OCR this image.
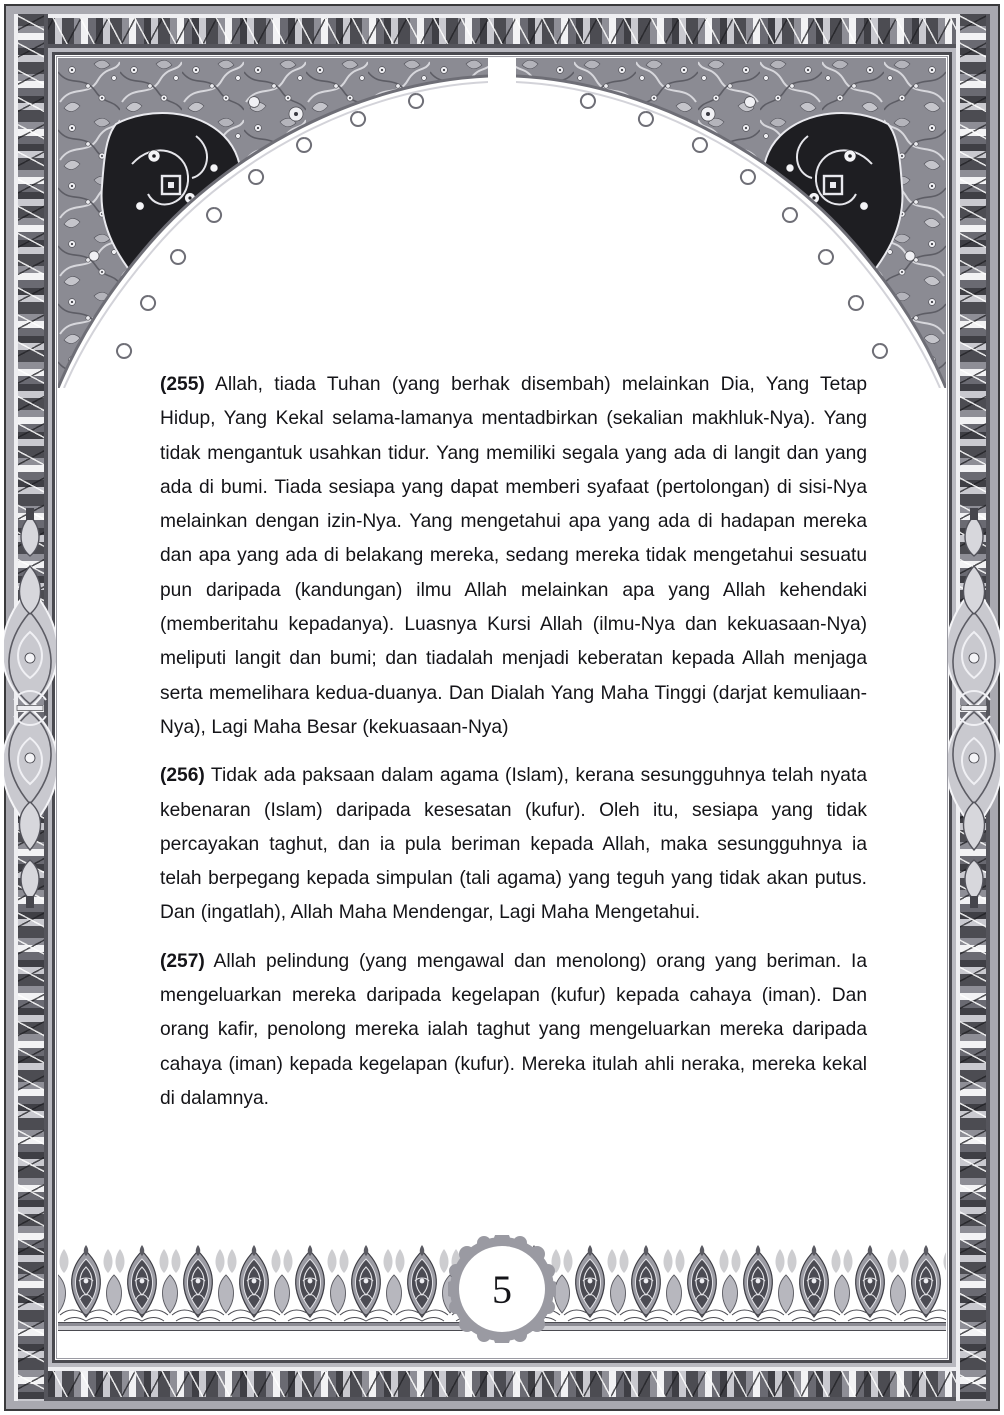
5

(255) Allah, tiada Tuhan (yang berhak disembah) melainkan Dia, Yang Tetap Hidup, Yang Kekal selama-lamanya mentadbirkan (sekalian makhluk-Nya). Yang tidak mengantuk usahkan tidur. Yang memiliki segala yang ada di langit dan yang ada di bumi. Tiada sesiapa yang dapat memberi syafaat (pertolongan) di sisi-Nya melainkan dengan izin-Nya. Yang mengetahui apa yang ada di hadapan mereka dan apa yang ada di belakang mereka, sedang mereka tidak mengetahui sesuatu pun daripada (kandungan) ilmu Allah melainkan apa yang Allah kehendaki (memberitahu kepadanya). Luasnya Kursi Allah (ilmu-Nya dan kekuasaan-Nya) meliputi langit dan bumi; dan tiadalah menjadi keberatan kepada Allah menjaga serta memelihara kedua-duanya. Dan Dialah Yang Maha Tinggi (darjat kemuliaan-Nya), Lagi Maha Besar (kekuasaan-Nya)

(256) Tidak ada paksaan dalam agama (Islam), kerana sesungguhnya telah nyata kebenaran (Islam) daripada kesesatan (kufur). Oleh itu, sesiapa yang tidak percayakan taghut, dan ia pula beriman kepada Allah, maka sesungguhnya ia telah berpegang kepada simpulan (tali agama) yang teguh yang tidak akan putus. Dan (ingatlah), Allah Maha Mendengar, Lagi Maha Mengetahui.

(257) Allah pelindung (yang mengawal dan menolong) orang yang beriman. Ia mengeluarkan mereka daripada kegelapan (kufur) kepada cahaya (iman). Dan orang kafir, penolong mereka ialah taghut yang mengeluarkan mereka daripada cahaya (iman) kepada kegelapan (kufur). Mereka itulah ahli neraka, mereka kekal di dalamnya.
